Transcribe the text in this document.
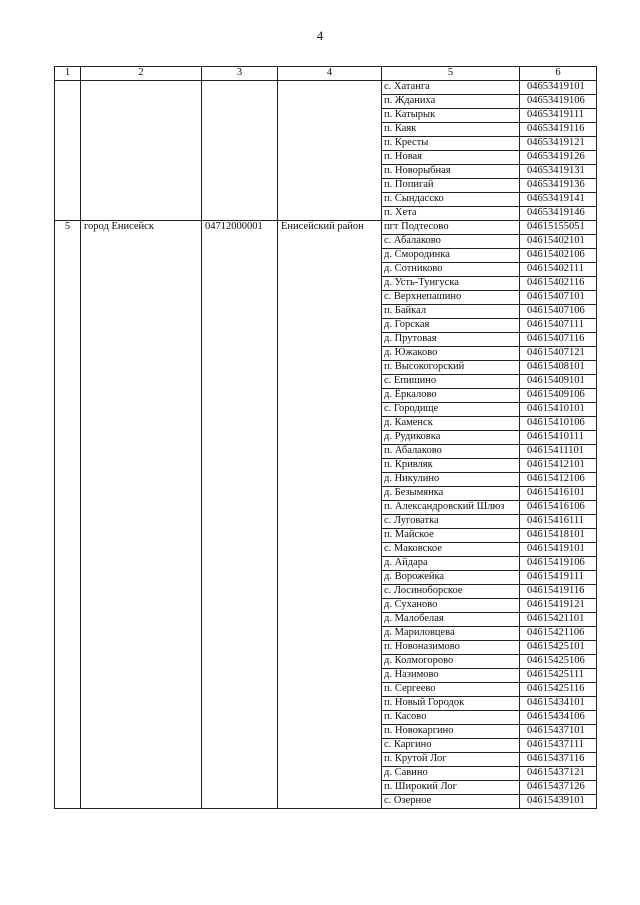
4
1	2	3	4	5	6
				с. Хатанга	04653419101
				п. Жданиха	04653419106
				п. Катырык	04653419111
				п. Каяк	04653419116
				п. Кресты	04653419121
				п. Новая	04653419126
				п. Новорыбная	04653419131
				п. Попигай	04653419136
				п. Сындасско	04653419141
				п. Хета	04653419146
5	город Енисейск	04712000001	Енисейский район	пгт Подтесово	04615155051
				с. Абалаково	04615402101
				д. Смородинка	04615402106
				д. Сотниково	04615402111
				д. Усть-Тунгуска	04615402116
				с. Верхнепашино	04615407101
				п. Байкал	04615407106
				д. Горская	04615407111
				д. Прутовая	04615407116
				д. Южаково	04615407121
				п. Высокогорский	04615408101
				с. Епишино	04615409101
				д. Ёркалово	04615409106
				с. Городище	04615410101
				д. Каменск	04615410106
				д. Рудиковка	04615410111
				п. Абалаково	04615411101
				п. Кривляк	04615412101
				д. Никулино	04615412106
				д. Безымянка	04615416101
				п. Александровский Шлюз	04615416106
				с. Луговатка	04615416111
				п. Майское	04615418101
				с. Маковское	04615419101
				д. Айдара	04615419106
				д. Ворожейка	04615419111
				с. Лосиноборское	04615419116
				д. Суханово	04615419121
				д. Малобелая	04615421101
				д. Мариловцева	04615421106
				п. Новоназимово	04615425101
				д. Колмогорово	04615425106
				д. Назимово	04615425111
				п. Сергеево	04615425116
				п. Новый Городок	04615434101
				п. Касово	04615434106
				п. Новокаргино	04615437101
				с. Каргино	04615437111
				п. Крутой Лог	04615437116
				д. Савино	04615437121
				п. Широкий Лог	04615437126
				с. Озерное	04615439101
